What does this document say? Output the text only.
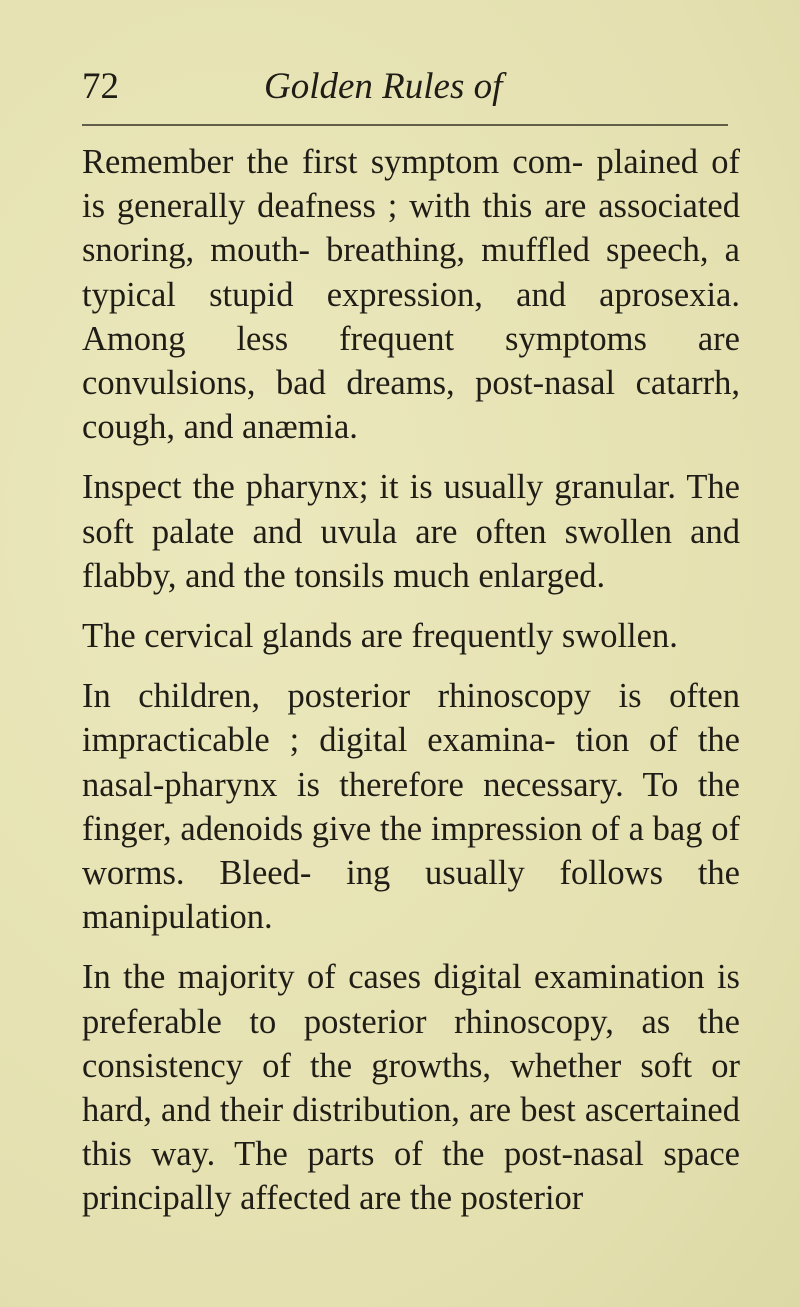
72	Golden Rules of

Remember the first symptom com- plained of is generally deafness ; with this are associated snoring, mouth- breathing, muffled speech, a typical stupid expression, and aprosexia. Among less frequent symptoms are convulsions, bad dreams, post-nasal catarrh, cough, and anæmia.

Inspect the pharynx; it is usually granular. The soft palate and uvula are often swollen and flabby, and the tonsils much enlarged.

The cervical glands are frequently swollen.

In children, posterior rhinoscopy is often impracticable ; digital examina- tion of the nasal-pharynx is therefore necessary. To the finger, adenoids give the impression of a bag of worms. Bleed- ing usually follows the manipulation.

In the majority of cases digital examination is preferable to posterior rhinoscopy, as the consistency of the growths, whether soft or hard, and their distribution, are best ascertained this way. The parts of the post-nasal space principally affected are the posterior
